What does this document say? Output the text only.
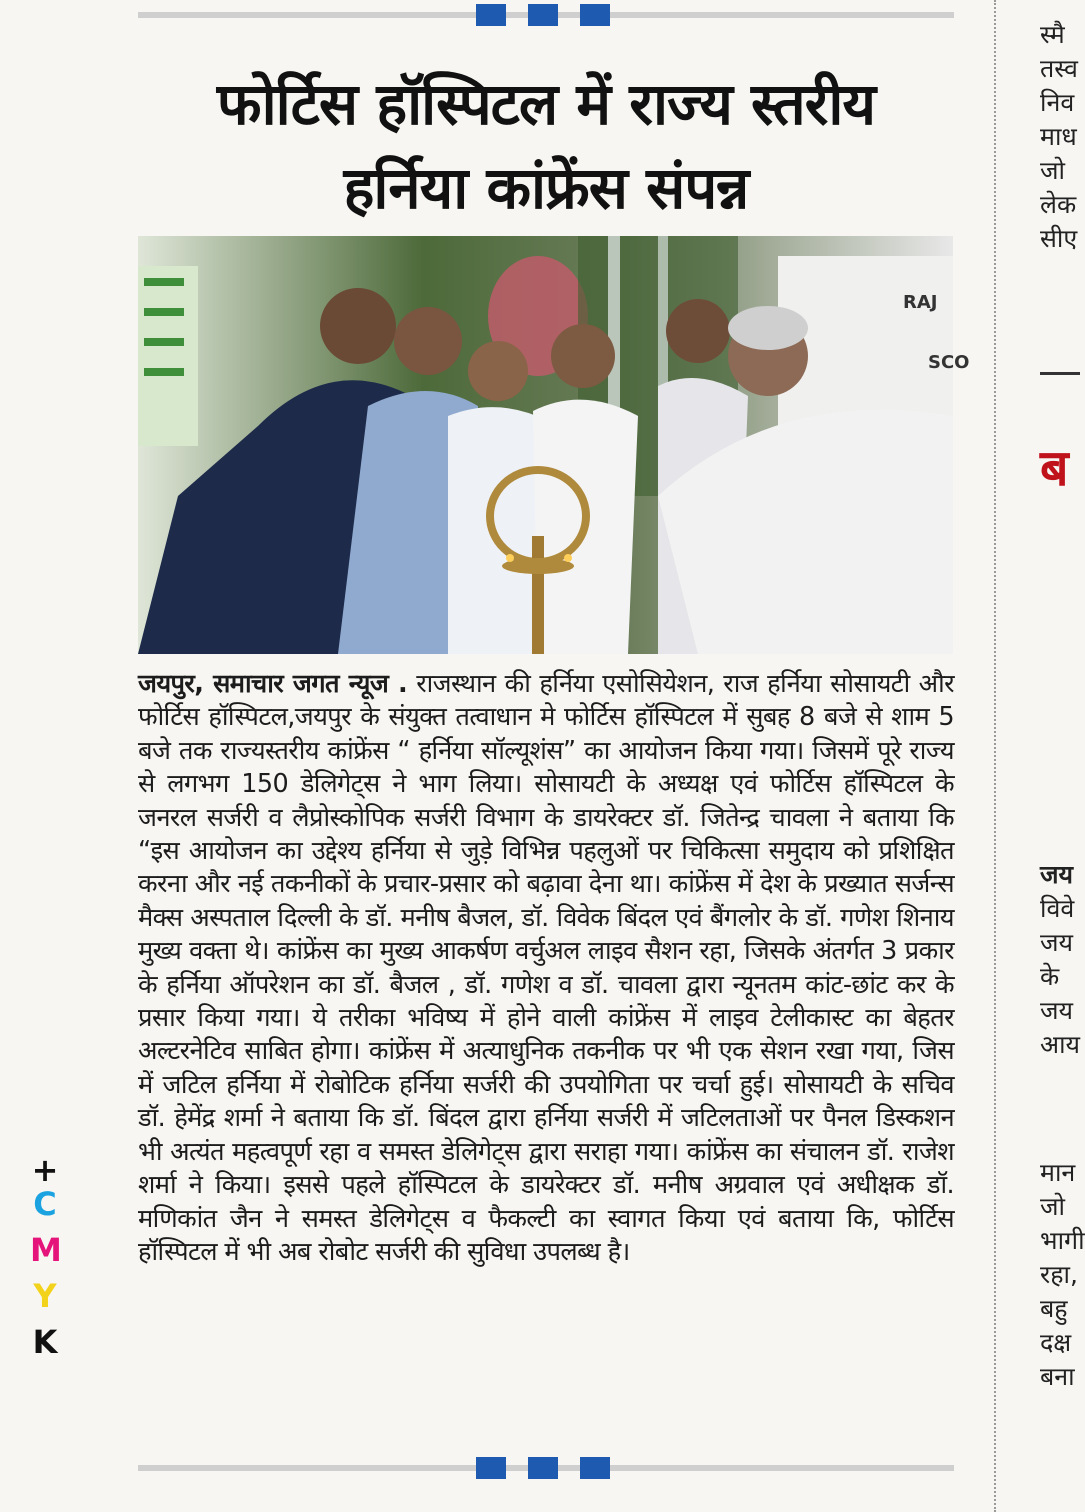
फोर्टिस हॉस्पिटल में राज्य स्तरीय
हर्निया कांफ्रेंस संपन्न
RAJ
SCO
जयपुर, समाचार जगत न्यूज . राजस्थान की हर्निया एसोसियेशन, राज हर्निया सोसायटी और फोर्टिस हॉस्पिटल,जयपुर के संयुक्त तत्वाधान मे फोर्टिस हॉस्पिटल में सुबह 8 बजे से शाम 5 बजे तक राज्यस्तरीय कांफ्रेंस “ हर्निया सॉल्यूशंस” का आयोजन किया गया। जिसमें पूरे राज्य से लगभग 150 डेलिगेट्स ने भाग लिया। सोसायटी के अध्यक्ष एवं फोर्टिस हॉस्पिटल के जनरल सर्जरी व लैप्रोस्कोपिक सर्जरी विभाग के डायरेक्टर डॉ. जितेन्द्र चावला ने बताया कि “इस आयोजन का उद्देश्य हर्निया से जुड़े विभिन्न पहलुओं पर चिकित्सा समुदाय को प्रशिक्षित करना और नई तकनीकों के प्रचार-प्रसार को बढ़ावा देना था। कांफ्रेंस में देश के प्रख्यात सर्जन्स मैक्स अस्पताल दिल्ली के डॉ. मनीष बैजल, डॉ. विवेक बिंदल एवं बैंगलोर के डॉ. गणेश शिनाय मुख्य वक्ता थे। कांफ्रेंस का मुख्य आकर्षण वर्चुअल लाइव सैशन रहा, जिसके अंतर्गत 3 प्रकार के हर्निया ऑपरेशन का डॉ. बैजल , डॉ. गणेश व डॉ. चावला द्वारा न्यूनतम कांट-छांट कर के प्रसार किया गया। ये तरीका भविष्य में होने वाली कांफ्रेंस में लाइव टेलीकास्ट का बेहतर अल्टरनेटिव साबित होगा। कांफ्रेंस में अत्याधुनिक तकनीक पर भी एक सेशन रखा गया, जिस में जटिल हर्निया में रोबोटिक हर्निया सर्जरी की उपयोगिता पर चर्चा हुई। सोसायटी के सचिव डॉ. हेमेंद्र शर्मा ने बताया कि डॉ. बिंदल द्वारा हर्निया सर्जरी में जटिलताओं पर पैनल डिस्कशन भी अत्यंत महत्वपूर्ण रहा व समस्त डेलिगेट्स द्वारा सराहा गया। कांफ्रेंस का संचालन डॉ. राजेश शर्मा ने किया। इससे पहले हॉस्पिटल के डायरेक्टर डॉ. मनीष अग्रवाल एवं अधीक्षक डॉ. मणिकांत जैन ने समस्त डेलिगेट्स व फैकल्टी का स्वागत किया एवं बताया कि, फोर्टिस हॉस्पिटल में भी अब रोबोट सर्जरी की सुविधा उपलब्ध है।
स्मै
तस्व
निव
माध
जो
लेक
सीए
ब
जय
विवे
जय
के
जय
आय
मान
जो
भागी
रहा,
बहु
दक्ष
बना
+
C
M
Y
K
